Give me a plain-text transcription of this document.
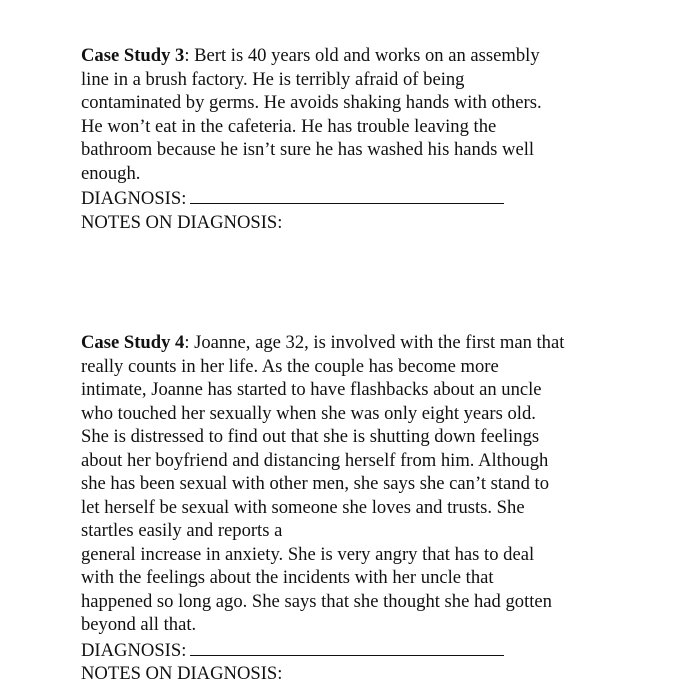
Case Study 3: Bert is 40 years old and works on an assembly
line in a brush factory. He is terribly afraid of being
contaminated by germs. He avoids shaking hands with others.
He won’t eat in the cafeteria. He has trouble leaving the
bathroom because he isn’t sure he has washed his hands well
enough.
DIAGNOSIS:
NOTES ON DIAGNOSIS:
Case Study 4: Joanne, age 32, is involved with the first man that
really counts in her life. As the couple has become more
intimate, Joanne has started to have flashbacks about an uncle
who touched her sexually when she was only eight years old.
She is distressed to find out that she is shutting down feelings
about her boyfriend and distancing herself from him. Although
she has been sexual with other men, she says she can’t stand to
let herself be sexual with someone she loves and trusts. She
startles easily and reports a
general increase in anxiety. She is very angry that has to deal
with the feelings about the incidents with her uncle that
happened so long ago. She says that she thought she had gotten
beyond all that.
DIAGNOSIS:
NOTES ON DIAGNOSIS:
